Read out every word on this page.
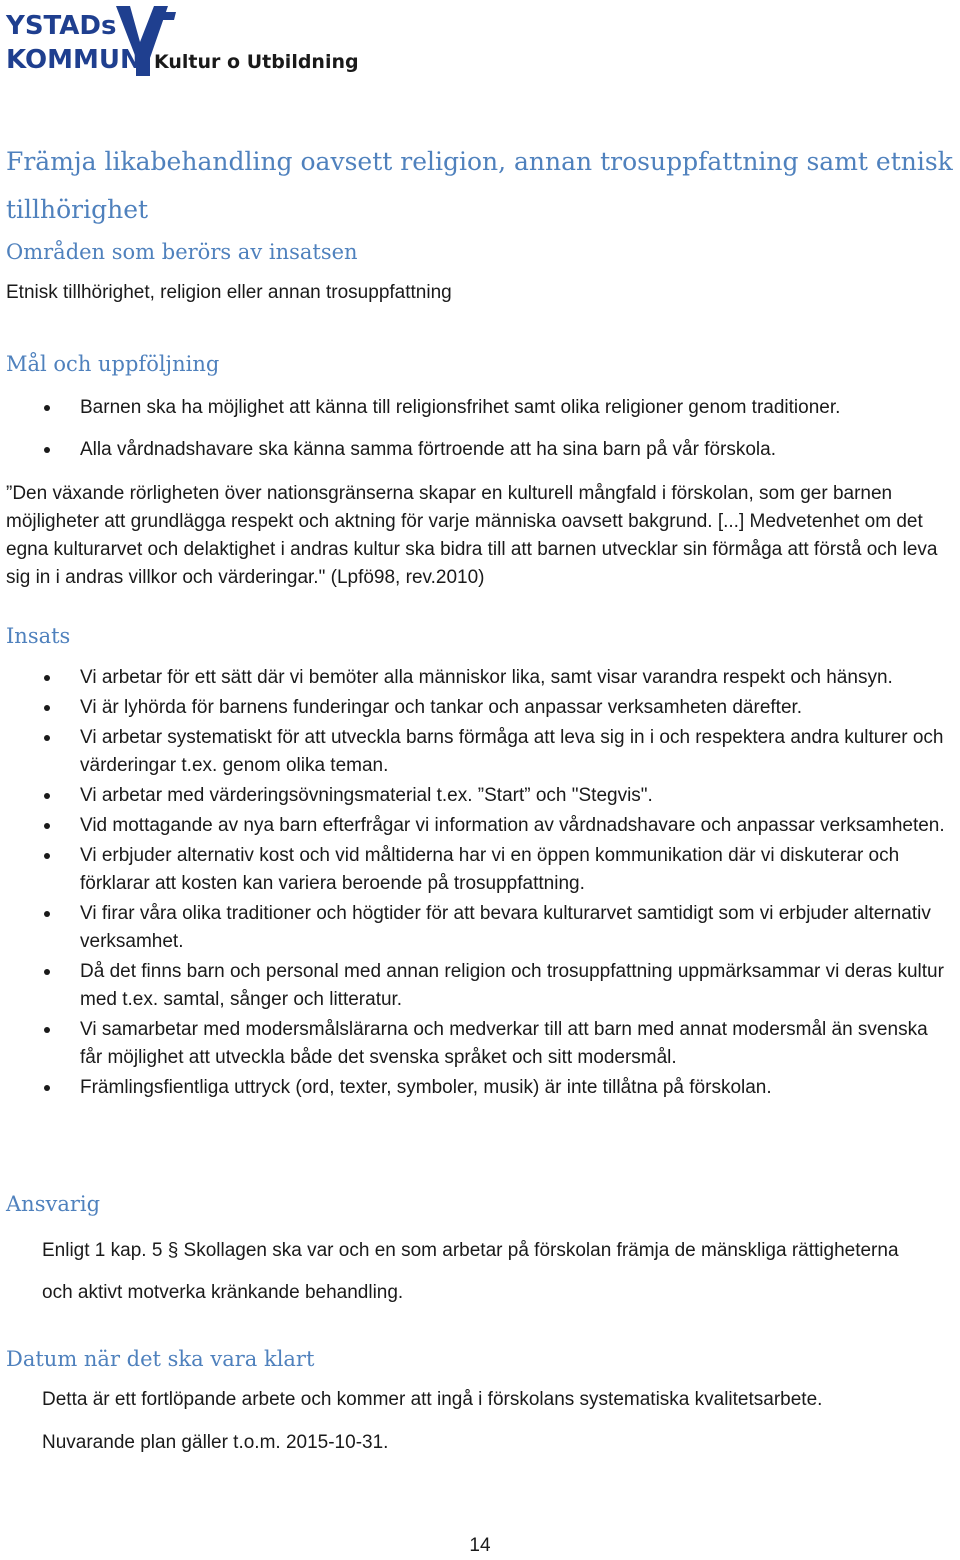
YSTADs
KOMMUN Kultur o Utbildning
Främja likabehandling oavsett religion, annan trosuppfattning samt etnisk tillhörighet
Områden som berörs av insatsen

Etnisk tillhörighet, religion eller annan trosuppfattning

Mål och uppföljning
Barnen ska ha möjlighet att känna till religionsfrihet samt olika religioner genom traditioner.
Alla vårdnadshavare ska känna samma förtroende att ha sina barn på vår förskola.

”Den växande rörligheten över nationsgränserna skapar en kulturell mångfald i förskolan, som ger barnen möjligheter att grundlägga respekt och aktning för varje människa oavsett bakgrund. [...] Medvetenhet om det egna kulturarvet och delaktighet i andras kultur ska bidra till att barnen utvecklar sin förmåga att förstå och leva sig in i andras villkor och värderingar." (Lpfö98, rev.2010)

Insats
Vi arbetar för ett sätt där vi bemöter alla människor lika, samt visar varandra respekt och hänsyn.
Vi är lyhörda för barnens funderingar och tankar och anpassar verksamheten därefter.
Vi arbetar systematiskt för att utveckla barns förmåga att leva sig in i och respektera andra kulturer och värderingar t.ex. genom olika teman.
Vi arbetar med värderingsövningsmaterial t.ex. ”Start” och "Stegvis".
Vid mottagande av nya barn efterfrågar vi information av vårdnadshavare och anpassar verksamheten.
Vi erbjuder alternativ kost och vid måltiderna har vi en öppen kommunikation där vi diskuterar och förklarar att kosten kan variera beroende på trosuppfattning.
Vi firar våra olika traditioner och högtider för att bevara kulturarvet samtidigt som vi erbjuder alternativ verksamhet.
Då det finns barn och personal med annan religion och trosuppfattning uppmärksammar vi deras kultur med t.ex. samtal, sånger och litteratur.
Vi samarbetar med modersmålslärarna och medverkar till att barn med annat modersmål än svenska får möjlighet att utveckla både det svenska språket och sitt modersmål.
Främlingsfientliga uttryck (ord, texter, symboler, musik) är inte tillåtna på förskolan.
Ansvarig

Enligt 1 kap. 5 § Skollagen ska var och en som arbetar på förskolan främja de mänskliga rättigheterna och aktivt motverka kränkande behandling.

Datum när det ska vara klart

Detta är ett fortlöpande arbete och kommer att ingå i förskolans systematiska kvalitetsarbete.

Nuvarande plan gäller t.o.m. 2015-10-31.

14
